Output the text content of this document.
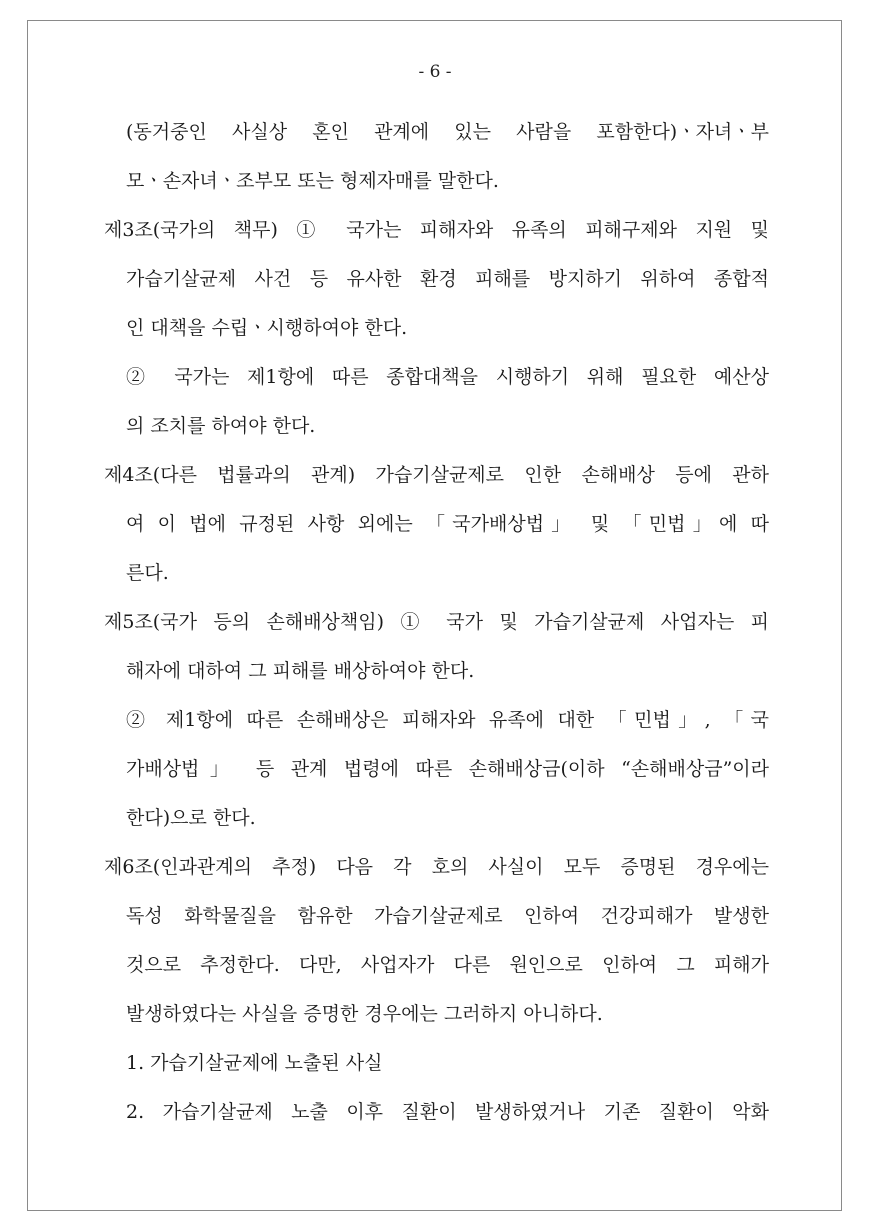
- 6 -
(동거중인 사실상 혼인 관계에 있는 사람을 포함한다)ㆍ자녀ㆍ부
모ㆍ손자녀ㆍ조부모 또는 형제자매를 말한다.
제3조(국가의 책무) ① 국가는 피해자와 유족의 피해구제와 지원 및
가습기살균제 사건 등 유사한 환경 피해를 방지하기 위하여 종합적
인 대책을 수립ㆍ시행하여야 한다.
② 국가는 제1항에 따른 종합대책을 시행하기 위해 필요한 예산상
의 조치를 하여야 한다.
제4조(다른 법률과의 관계) 가습기살균제로 인한 손해배상 등에 관하
여 이 법에 규정된 사항 외에는 「국가배상법」 및 「민법」에 따
른다.
제5조(국가 등의 손해배상책임) ① 국가 및 가습기살균제 사업자는 피
해자에 대하여 그 피해를 배상하여야 한다.
② 제1항에 따른 손해배상은 피해자와 유족에 대한 「민법」, 「국
가배상법」 등 관계 법령에 따른 손해배상금(이하 “손해배상금”이라
한다)으로 한다.
제6조(인과관계의 추정) 다음 각 호의 사실이 모두 증명된 경우에는
독성 화학물질을 함유한 가습기살균제로 인하여 건강피해가 발생한
것으로 추정한다. 다만, 사업자가 다른 원인으로 인하여 그 피해가
발생하였다는 사실을 증명한 경우에는 그러하지 아니하다.
1. 가습기살균제에 노출된 사실
2. 가습기살균제 노출 이후 질환이 발생하였거나 기존 질환이 악화
